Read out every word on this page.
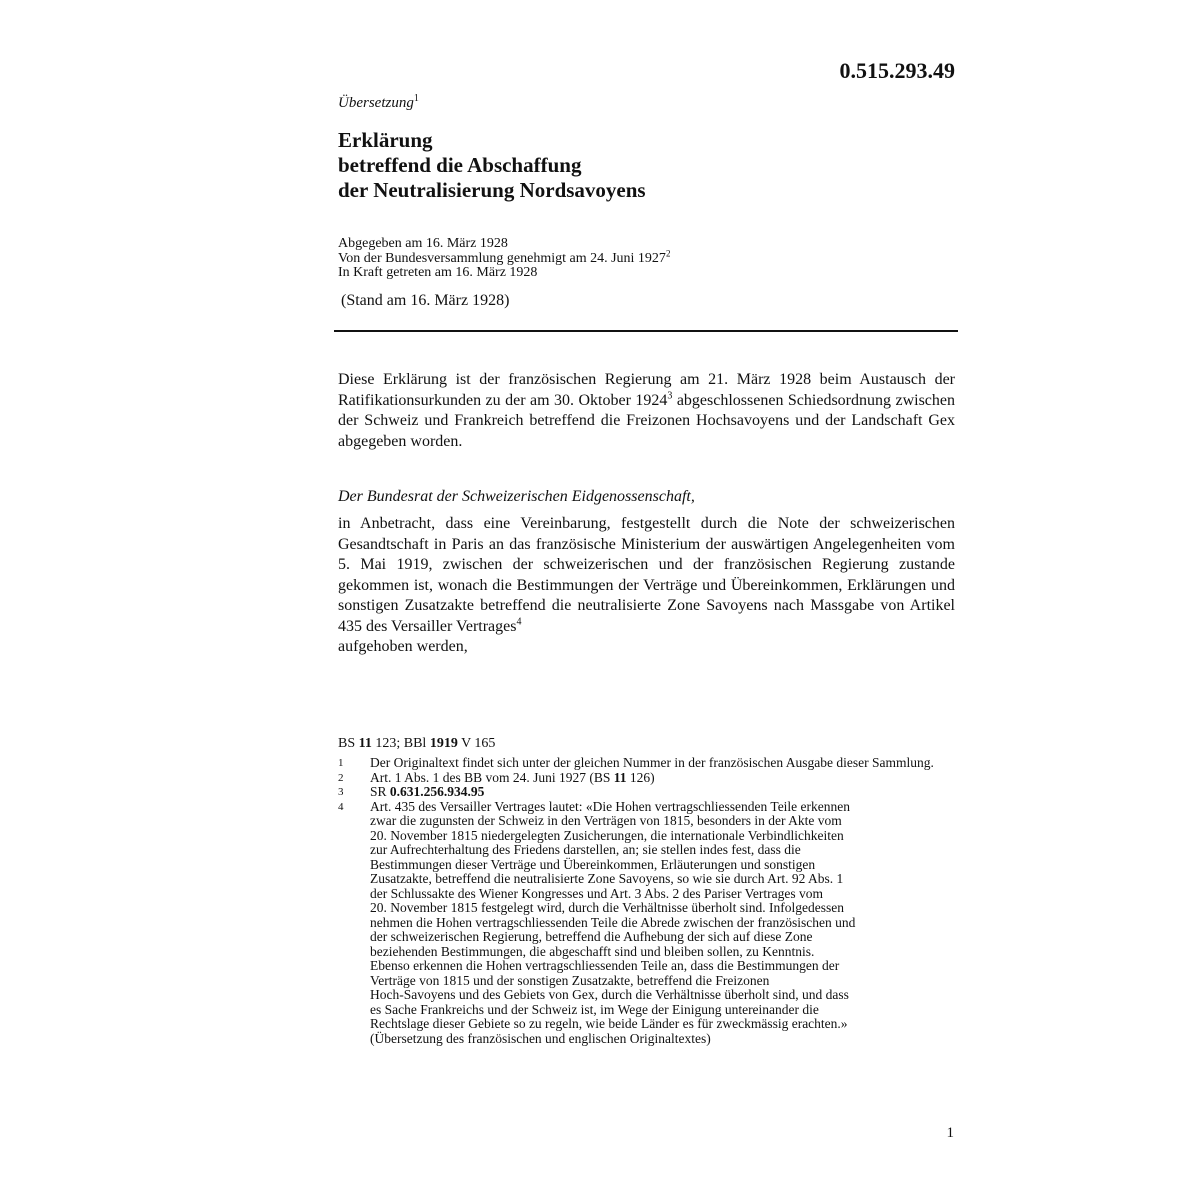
0.515.293.49
Übersetzung$^1$
Erklärung
betreffend die Abschaffung
der Neutralisierung Nordsavoyens
Abgegeben am 16. März 1928
Von der Bundesversammlung genehmigt am 24. Juni 1927$^2$
In Kraft getreten am 16. März 1928
(Stand am 16. März 1928)
Diese Erklärung ist der französischen Regierung am 21. März 1928 beim Austausch der Ratifikationsurkunden zu der am 30. Oktober 1924$^3$ abgeschlossenen Schiedsordnung zwischen der Schweiz und Frankreich betreffend die Freizonen Hochsavoyens und der Landschaft Gex abgegeben worden.
Der Bundesrat der Schweizerischen Eidgenossenschaft,
in Anbetracht, dass eine Vereinbarung, festgestellt durch die Note der schweizerischen Gesandtschaft in Paris an das französische Ministerium der auswärtigen Angelegenheiten vom 5. Mai 1919, zwischen der schweizerischen und der französischen Regierung zustande gekommen ist, wonach die Bestimmungen der Verträge und Übereinkommen, Erklärungen und sonstigen Zusatzakte betreffend die neutralisierte Zone Savoyens nach Massgabe von Artikel 435 des Versailler Vertrages$^4$
aufgehoben werden,
BS 11 123; BBl 1919 V 165
1 Der Originaltext findet sich unter der gleichen Nummer in der französischen Ausgabe dieser Sammlung.
2 Art. 1 Abs. 1 des BB vom 24. Juni 1927 (BS 11 126)
3 SR 0.631.256.934.95
4 Art. 435 des Versailler Vertrages lautet: «Die Hohen vertragschliessenden Teile erkennen
zwar die zugunsten der Schweiz in den Verträgen von 1815, besonders in der Akte vom
20. November 1815 niedergelegten Zusicherungen, die internationale Verbindlichkeiten
zur Aufrechterhaltung des Friedens darstellen, an; sie stellen indes fest, dass die
Bestimmungen dieser Verträge und Übereinkommen, Erläuterungen und sonstigen
Zusatzakte, betreffend die neutralisierte Zone Savoyens, so wie sie durch Art. 92 Abs. 1
der Schlussakte des Wiener Kongresses und Art. 3 Abs. 2 des Pariser Vertrages vom
20. November 1815 festgelegt wird, durch die Verhältnisse überholt sind. Infolgedessen
nehmen die Hohen vertragschliessenden Teile die Abrede zwischen der französischen und
der schweizerischen Regierung, betreffend die Aufhebung der sich auf diese Zone
beziehenden Bestimmungen, die abgeschafft sind und bleiben sollen, zu Kenntnis.
Ebenso erkennen die Hohen vertragschliessenden Teile an, dass die Bestimmungen der
Verträge von 1815 und der sonstigen Zusatzakte, betreffend die Freizonen
Hoch-Savoyens und des Gebiets von Gex, durch die Verhältnisse überholt sind, und dass
es Sache Frankreichs und der Schweiz ist, im Wege der Einigung untereinander die
Rechtslage dieser Gebiete so zu regeln, wie beide Länder es für zweckmässig erachten.»
(Übersetzung des französischen und englischen Originaltextes)
1
